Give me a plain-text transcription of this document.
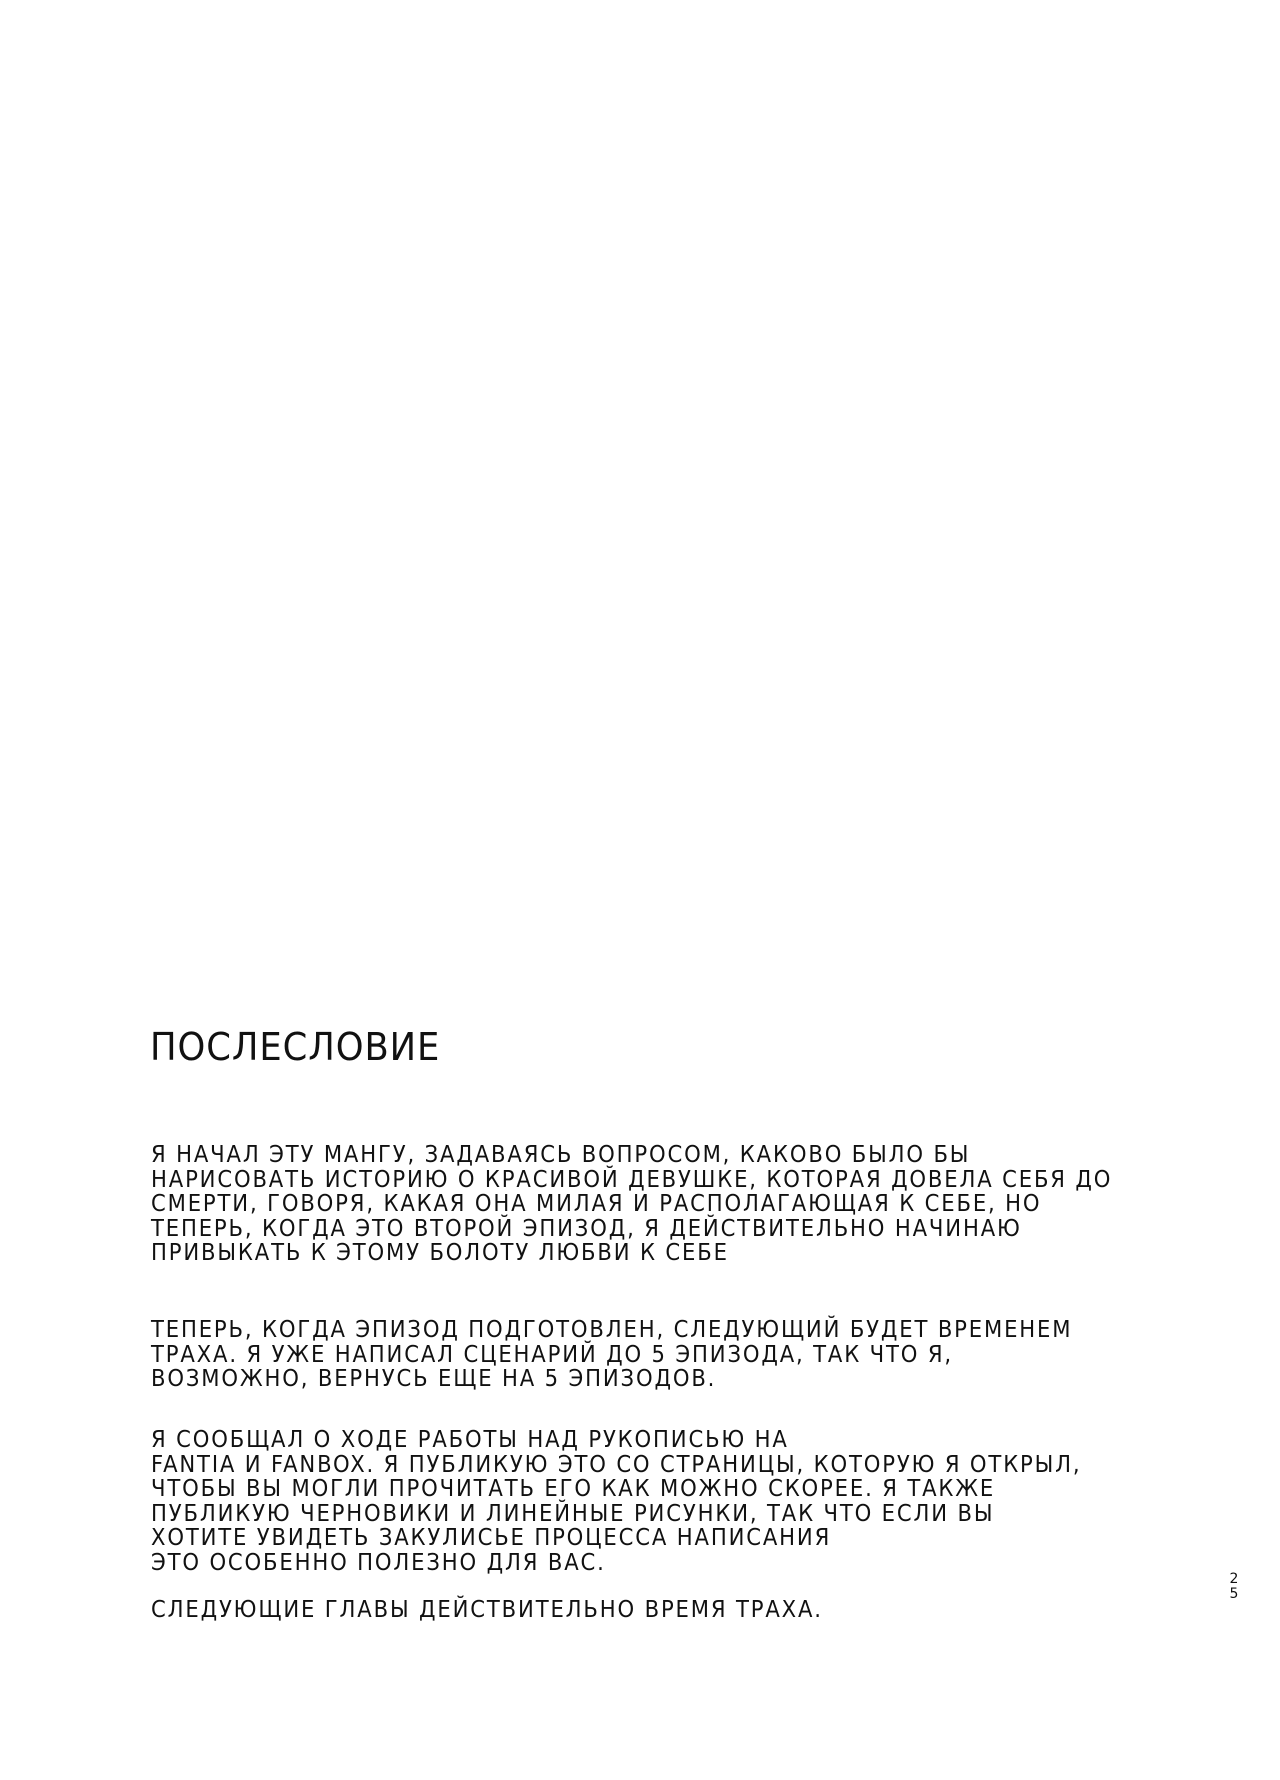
ПОСЛЕСЛОВИЕ

Я НАЧАЛ ЭТУ МАНГУ, ЗАДАВАЯСЬ ВОПРОСОМ, КАКОВО БЫЛО БЫ
НАРИСОВАТЬ ИСТОРИЮ О КРАСИВОЙ ДЕВУШКЕ, КОТОРАЯ ДОВЕЛА СЕБЯ ДО
СМЕРТИ, ГОВОРЯ, КАКАЯ ОНА МИЛАЯ И РАСПОЛАГАЮЩАЯ К СЕБЕ, НО
ТЕПЕРЬ, КОГДА ЭТО ВТОРОЙ ЭПИЗОД, Я ДЕЙСТВИТЕЛЬНО НАЧИНАЮ
ПРИВЫКАТЬ К ЭТОМУ БОЛОТУ ЛЮБВИ К СЕБЕ

ТЕПЕРЬ, КОГДА ЭПИЗОД ПОДГОТОВЛЕН, СЛЕДУЮЩИЙ БУДЕТ ВРЕМЕНЕМ
ТРАХА. Я УЖЕ НАПИСАЛ СЦЕНАРИЙ ДО 5 ЭПИЗОДА, ТАК ЧТО Я,
ВОЗМОЖНО, ВЕРНУСЬ ЕЩЕ НА 5 ЭПИЗОДОВ.

Я СООБЩАЛ О ХОДЕ РАБОТЫ НАД РУКОПИСЬЮ НА
FANTIA И FANBOX. Я ПУБЛИКУЮ ЭТО СО СТРАНИЦЫ, КОТОРУЮ Я ОТКРЫЛ,
ЧТОБЫ ВЫ МОГЛИ ПРОЧИТАТЬ ЕГО КАК МОЖНО СКОРЕЕ. Я ТАКЖЕ
ПУБЛИКУЮ ЧЕРНОВИКИ И ЛИНЕЙНЫЕ РИСУНКИ, ТАК ЧТО ЕСЛИ ВЫ
ХОТИТЕ УВИДЕТЬ ЗАКУЛИСЬЕ ПРОЦЕССА НАПИСАНИЯ
ЭТО ОСОБЕННО ПОЛЕЗНО ДЛЯ ВАС.

СЛЕДУЮЩИЕ ГЛАВЫ ДЕЙСТВИТЕЛЬНО ВРЕМЯ ТРАХА.

25
